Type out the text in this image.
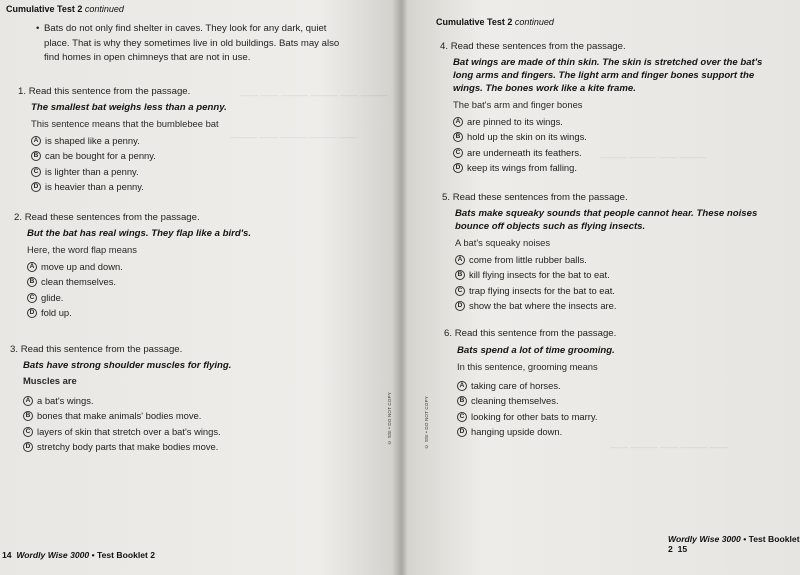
——— —— ——— ——— —— ——
—— ——— ——— —— ———
——— —— ——— ———
—— ——— —— ——— ——
Cumulative Test 2 continued
• Bats do not only find shelter in caves. They look for any dark, quiet place. That is why they sometimes live in old buildings. Bats may also find homes in open chimneys that are not in use.
1. Read this sentence from the passage.
The smallest bat weighs less than a penny.
This sentence means that the bumblebee bat
A is shaped like a penny.
B can be bought for a penny.
C is lighter than a penny.
D is heavier than a penny.
2. Read these sentences from the passage.
But the bat has real wings. They flap like a bird's.
Here, the word flap means
A move up and down.
B clean themselves.
C glide.
D fold up.
3. Read this sentence from the passage.
Bats have strong shoulder muscles for flying.
Muscles are
A a bat's wings.
B bones that make animals' bodies move.
C layers of skin that stretch over a bat's wings.
D stretchy body parts that make bodies move.
14 Wordly Wise 3000 • Test Booklet 2
© SSI • DO NOT COPY
Cumulative Test 2 continued
4. Read these sentences from the passage.
Bat wings are made of thin skin. The skin is stretched over the bat's long arms and fingers. The light arm and finger bones support the wings. The bones work like a kite frame.
The bat's arm and finger bones
A are pinned to its wings.
B hold up the skin on its wings.
C are underneath its feathers.
D keep its wings from falling.
5. Read these sentences from the passage.
Bats make squeaky sounds that people cannot hear. These noises bounce off objects such as flying insects.
A bat's squeaky noises
A come from little rubber balls.
B kill flying insects for the bat to eat.
C trap flying insects for the bat to eat.
D show the bat where the insects are.
6. Read this sentence from the passage.
Bats spend a lot of time grooming.
In this sentence, grooming means
A taking care of horses.
B cleaning themselves.
C looking for other bats to marry.
D hanging upside down.
Wordly Wise 3000 • Test Booklet 2 15
© SSI • DO NOT COPY
